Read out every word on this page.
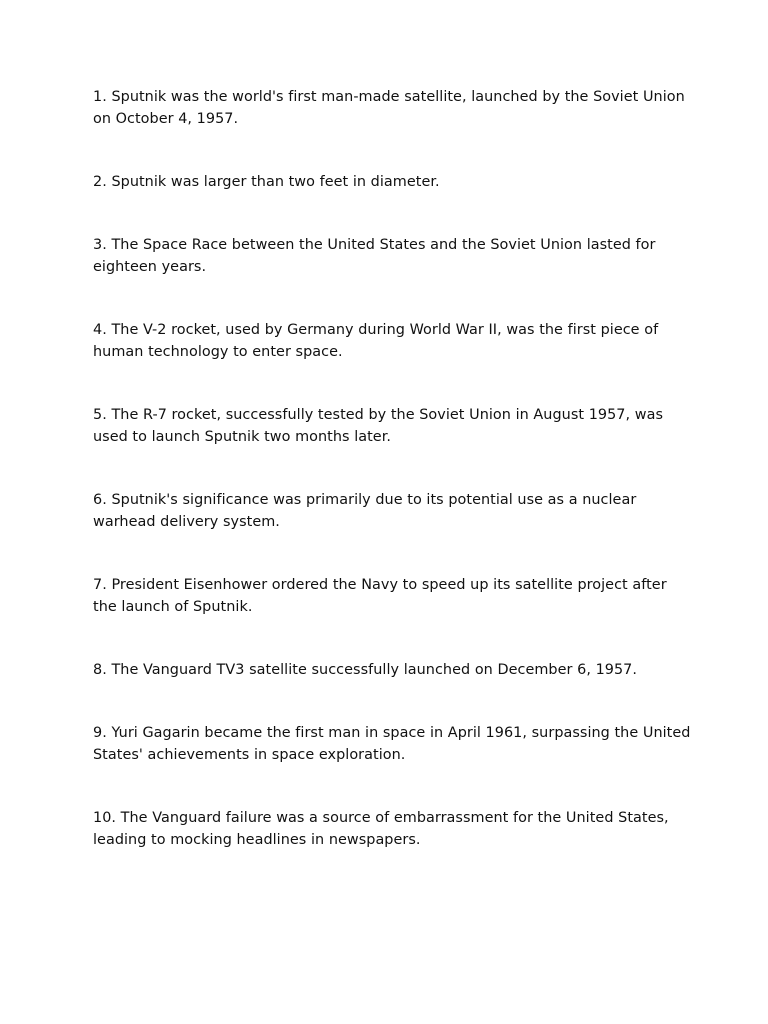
1. Sputnik was the world's first man-made satellite, launched by the Soviet Union on October 4, 1957.
2. Sputnik was larger than two feet in diameter.
3. The Space Race between the United States and the Soviet Union lasted for eighteen years.
4. The V-2 rocket, used by Germany during World War II, was the first piece of human technology to enter space.
5. The R-7 rocket, successfully tested by the Soviet Union in August 1957, was used to launch Sputnik two months later.
6. Sputnik's significance was primarily due to its potential use as a nuclear warhead delivery system.
7. President Eisenhower ordered the Navy to speed up its satellite project after the launch of Sputnik.
8. The Vanguard TV3 satellite successfully launched on December 6, 1957.
9. Yuri Gagarin became the first man in space in April 1961, surpassing the United States' achievements in space exploration.
10. The Vanguard failure was a source of embarrassment for the United States, leading to mocking headlines in newspapers.
